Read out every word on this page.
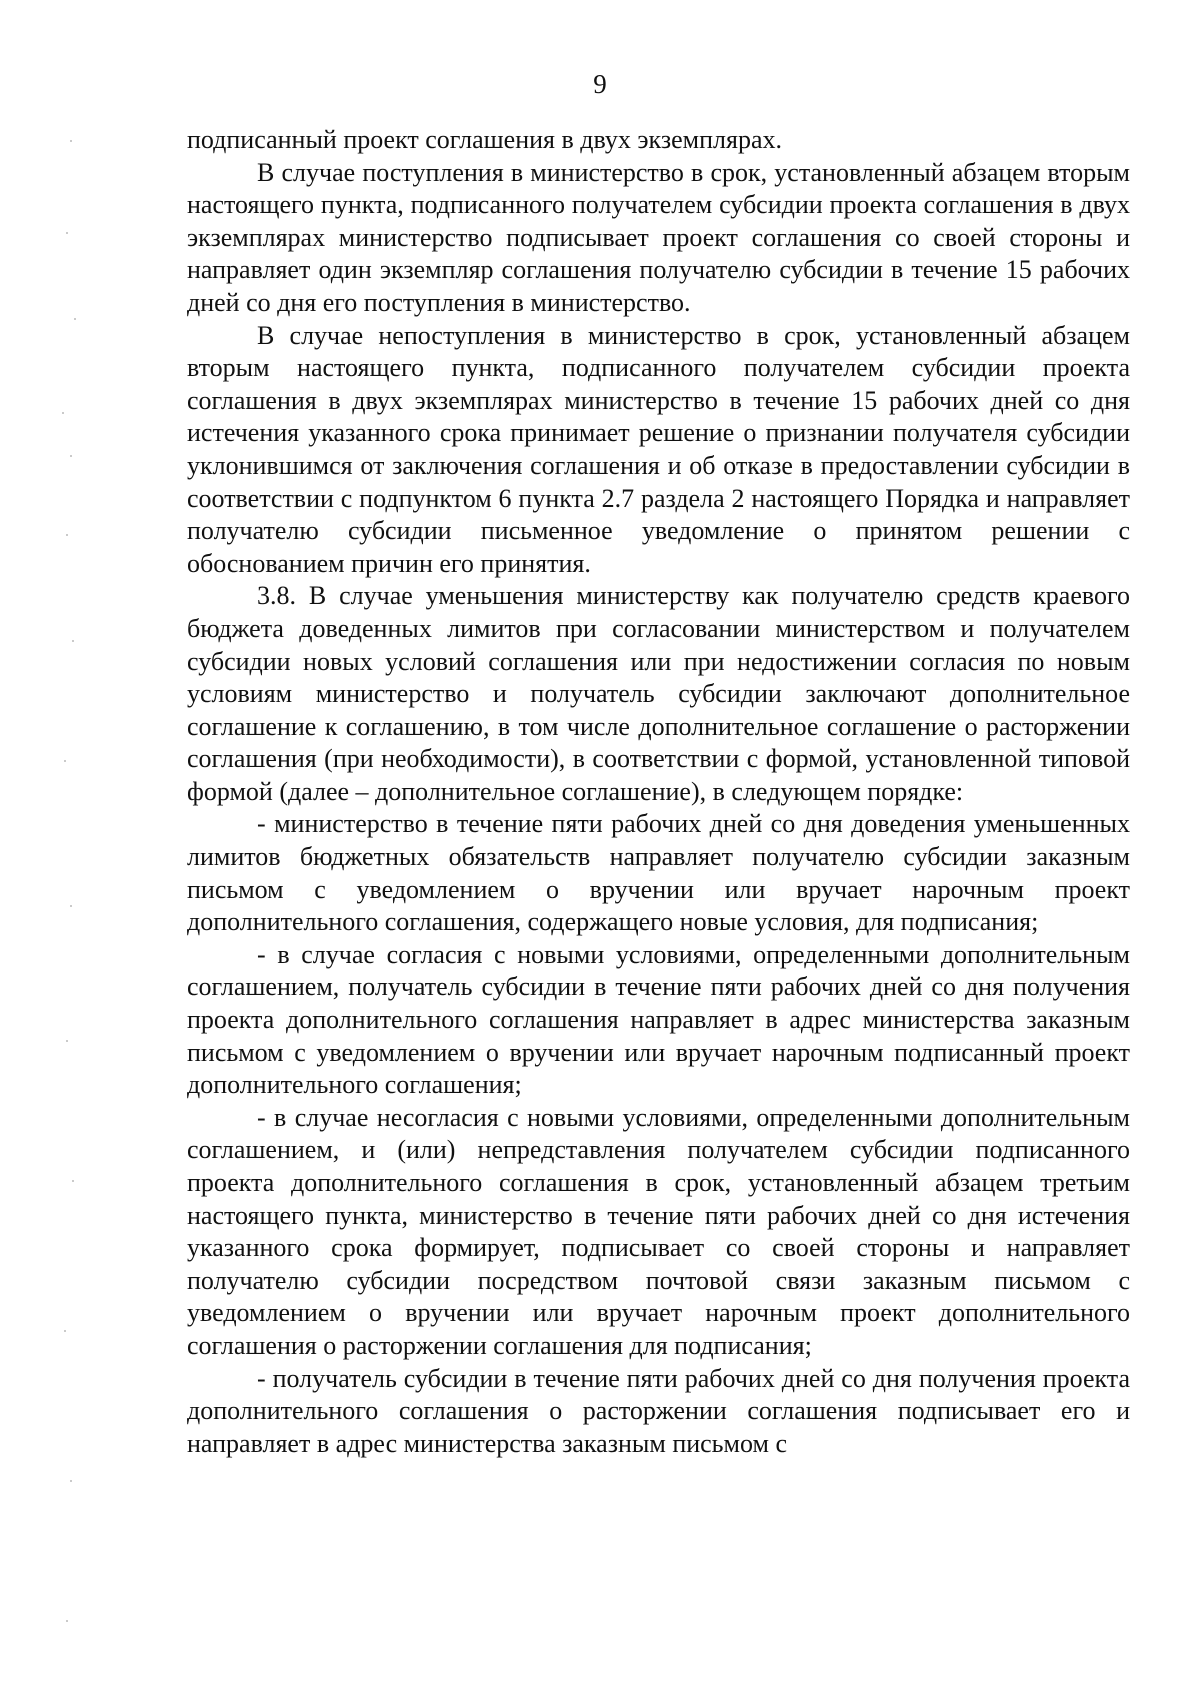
9

подписанный проект соглашения в двух экземплярах.

В случае поступления в министерство в срок, установленный абзацем вторым настоящего пункта, подписанного получателем субсидии проекта соглашения в двух экземплярах министерство подписывает проект соглашения со своей стороны и направляет один экземпляр соглашения получателю субсидии в течение 15 рабочих дней со дня его поступления в министерство.

В случае непоступления в министерство в срок, установленный абзацем вторым настоящего пункта, подписанного получателем субсидии проекта соглашения в двух экземплярах министерство в течение 15 рабочих дней со дня истечения указанного срока принимает решение о признании получателя субсидии уклонившимся от заключения соглашения и об отказе в предоставлении субсидии в соответствии с подпунктом 6 пункта 2.7 раздела 2 настоящего Порядка и направляет получателю субсидии письменное уведомление о принятом решении с обоснованием причин его принятия.

3.8. В случае уменьшения министерству как получателю средств краевого бюджета доведенных лимитов при согласовании министерством и получателем субсидии новых условий соглашения или при недостижении согласия по новым условиям министерство и получатель субсидии заключают дополнительное соглашение к соглашению, в том числе дополнительное соглашение о расторжении соглашения (при необходимости), в соответствии с формой, установленной типовой формой (далее – дополнительное соглашение), в следующем порядке:

- министерство в течение пяти рабочих дней со дня доведения уменьшенных лимитов бюджетных обязательств направляет получателю субсидии заказным письмом с уведомлением о вручении или вручает нарочным проект дополнительного соглашения, содержащего новые условия, для подписания;

- в случае согласия с новыми условиями, определенными дополнительным соглашением, получатель субсидии в течение пяти рабочих дней со дня получения проекта дополнительного соглашения направляет в адрес министерства заказным письмом с уведомлением о вручении или вручает нарочным подписанный проект дополнительного соглашения;

- в случае несогласия с новыми условиями, определенными дополнительным соглашением, и (или) непредставления получателем субсидии подписанного проекта дополнительного соглашения в срок, установленный абзацем третьим настоящего пункта, министерство в течение пяти рабочих дней со дня истечения указанного срока формирует, подписывает со своей стороны и направляет получателю субсидии посредством почтовой связи заказным письмом с уведомлением о вручении или вручает нарочным проект дополнительного соглашения о расторжении соглашения для подписания;

- получатель субсидии в течение пяти рабочих дней со дня получения проекта дополнительного соглашения о расторжении соглашения подписывает его и направляет в адрес министерства заказным письмом с
